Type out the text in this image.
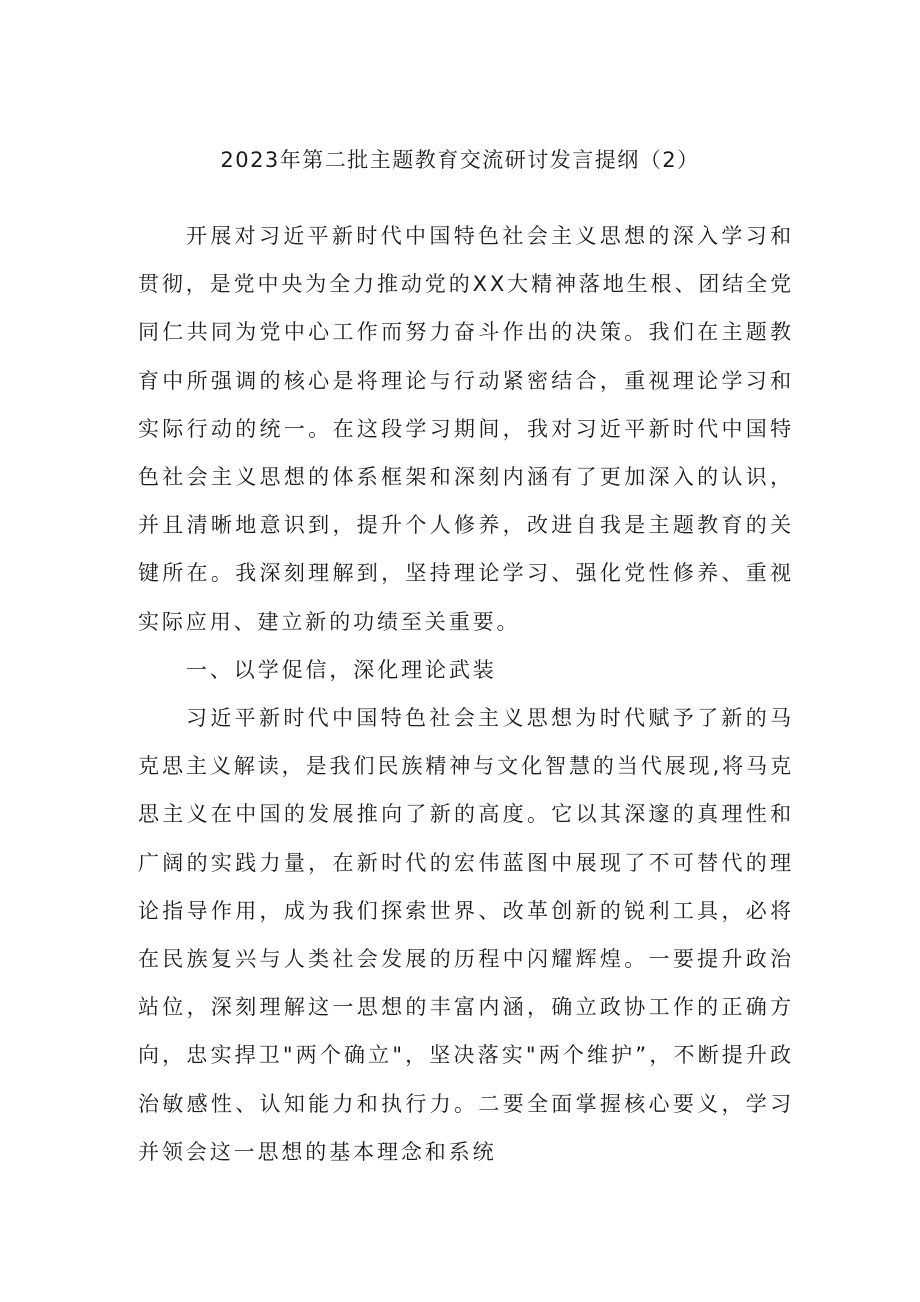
2023年第二批主题教育交流研讨发言提纲（2）

开展对习近平新时代中国特色社会主义思想的深入学习和贯彻，是党中央为全力推动党的XX大精神落地生根、团结全党同仁共同为党中心工作而努力奋斗作出的决策。我们在主题教育中所强调的核心是将理论与行动紧密结合，重视理论学习和实际行动的统一。在这段学习期间，我对习近平新时代中国特色社会主义思想的体系框架和深刻内涵有了更加深入的认识，并且清晰地意识到，提升个人修养，改进自我是主题教育的关键所在。我深刻理解到，坚持理论学习、强化党性修养、重视实际应用、建立新的功绩至关重要。

一、以学促信，深化理论武装

习近平新时代中国特色社会主义思想为时代赋予了新的马克思主义解读，是我们民族精神与文化智慧的当代展现,将马克思主义在中国的发展推向了新的高度。它以其深邃的真理性和广阔的实践力量，在新时代的宏伟蓝图中展现了不可替代的理论指导作用，成为我们探索世界、改革创新的锐利工具，必将在民族复兴与人类社会发展的历程中闪耀辉煌。一要提升政治站位，深刻理解这一思想的丰富内涵，确立政协工作的正确方向，忠实捍卫"两个确立"，坚决落实"两个维护”，不断提升政治敏感性、认知能力和执行力。二要全面掌握核心要义，学习并领会这一思想的基本理念和系统
